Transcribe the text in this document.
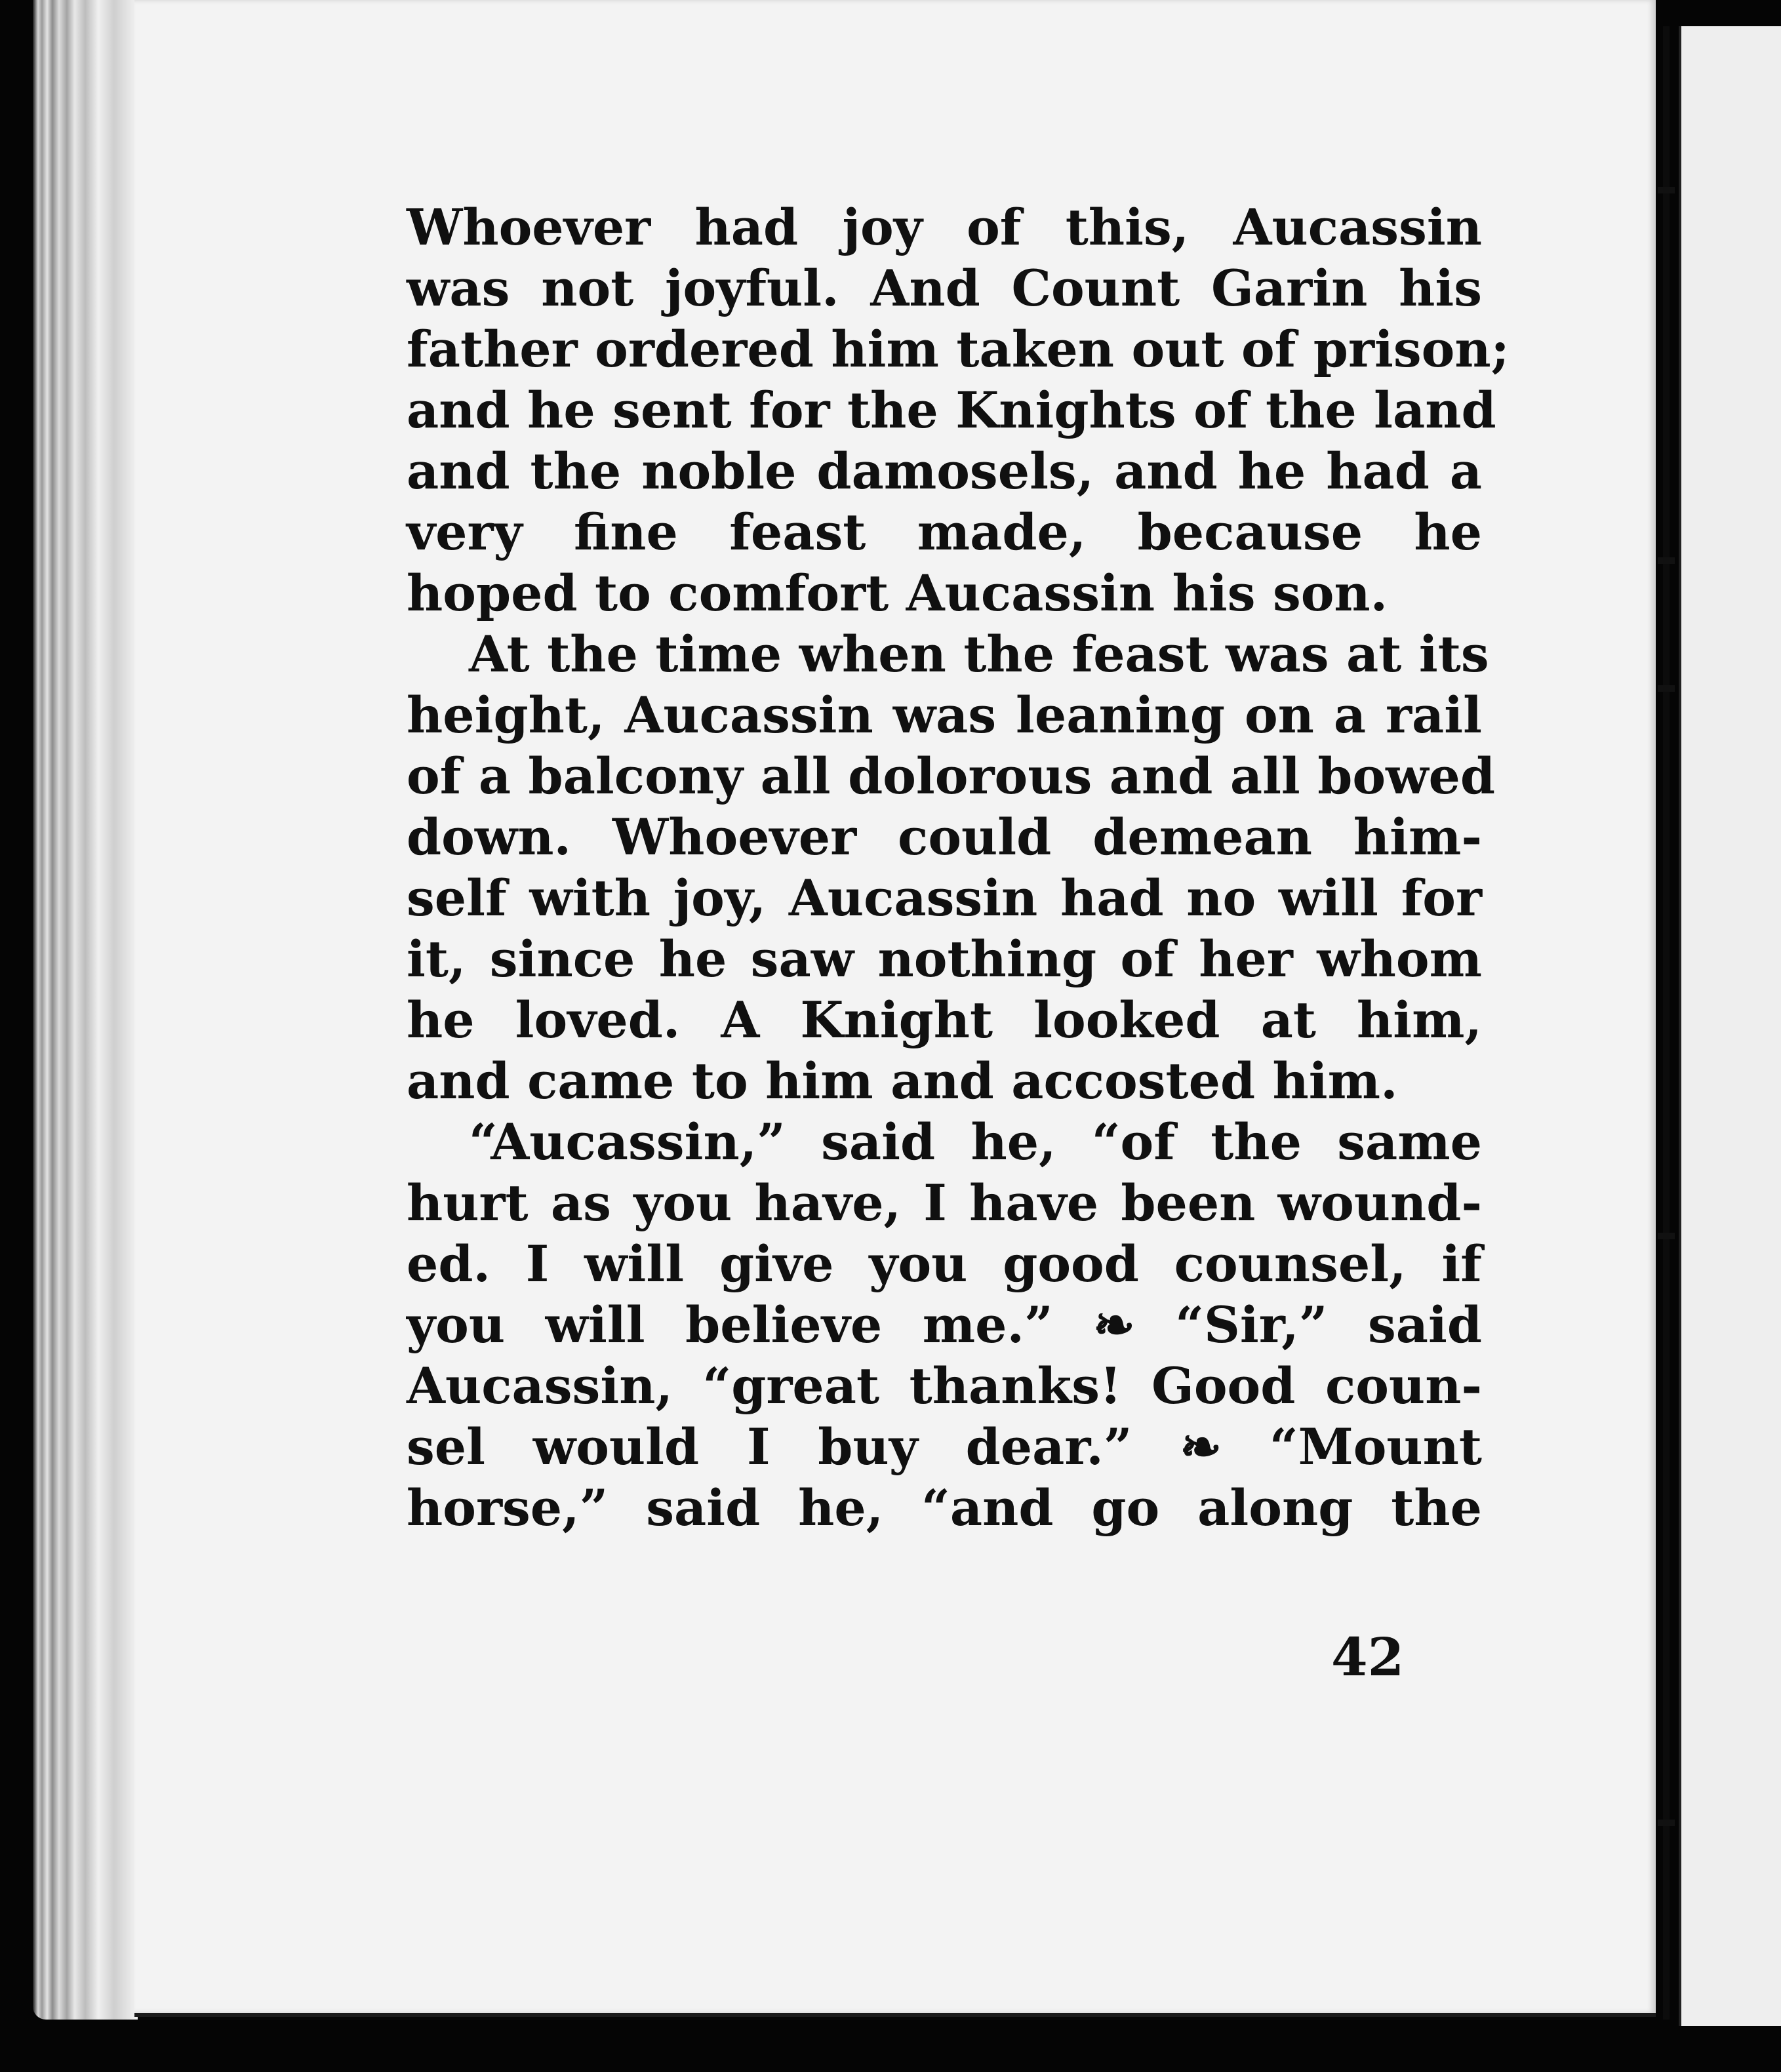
Whoever had joy of this, Aucassin
was not joyful. And Count Garin his
father ordered him taken out of prison;
and he sent for the Knights of the land
and the noble damosels, and he had a
very fine feast made, because he
hoped to comfort Aucassin his son.
At the time when the feast was at its
height, Aucassin was leaning on a rail
of a balcony all dolorous and all bowed
down. Whoever could demean him-
self with joy, Aucassin had no will for
it, since he saw nothing of her whom
he loved. A Knight looked at him,
and came to him and accosted him.
“Aucassin,” said he, “of the same
hurt as you have, I have been wound-
ed. I will give you good counsel, if
you will believe me.” ❧ “Sir,” said
Aucassin, “great thanks! Good coun-
sel would I buy dear.” ❧ “Mount
horse,” said he, “and go along the
42
